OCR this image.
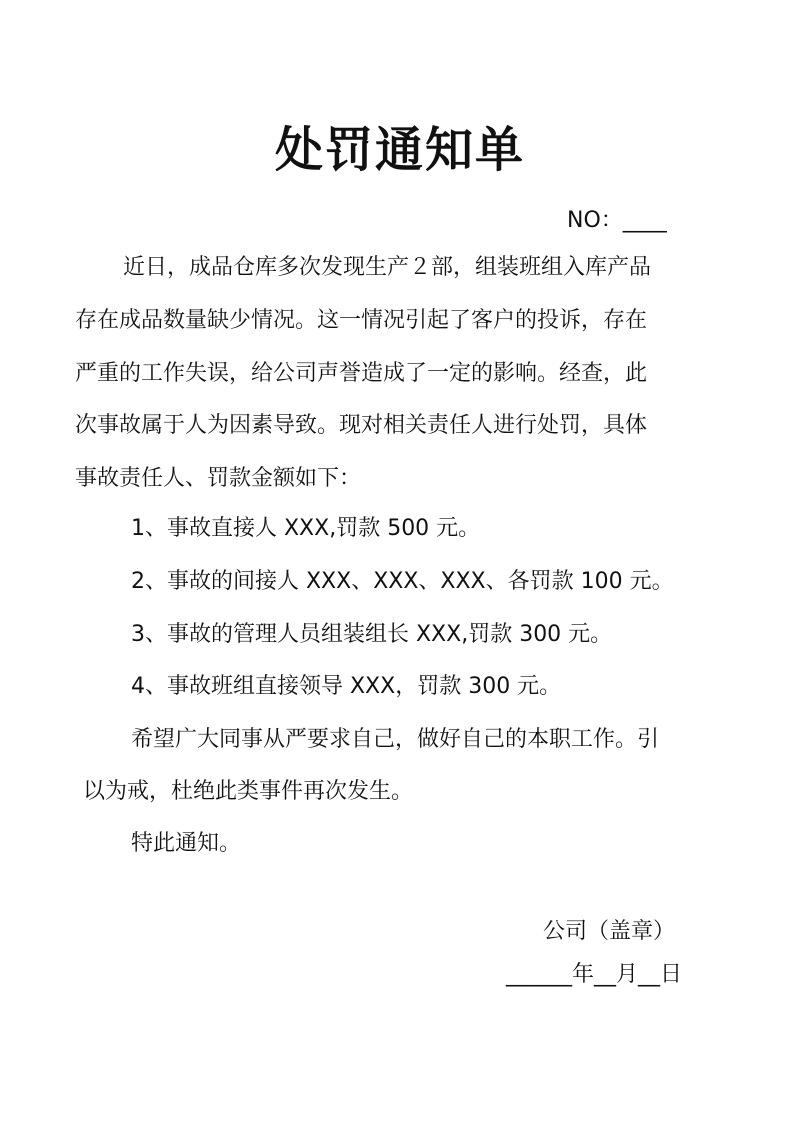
处罚通知单
NO：____
近日，成品仓库多次发现生产２部，组装班组入库产品
存在成品数量缺少情况。这一情况引起了客户的投诉，存在
严重的工作失误，给公司声誉造成了一定的影响。经查，此
次事故属于人为因素导致。现对相关责任人进行处罚，具体
事故责任人、罚款金额如下：
1、事故直接人 XXX,罚款 500 元。
2、事故的间接人 XXX、XXX、XXX、各罚款 100 元。
3、事故的管理人员组装组长 XXX,罚款 300 元。
4、事故班组直接领导 XXX，罚款 300 元。
希望广大同事从严要求自己，做好自己的本职工作。引
以为戒，杜绝此类事件再次发生。
特此通知。
公司（盖章）
______年__月__日
